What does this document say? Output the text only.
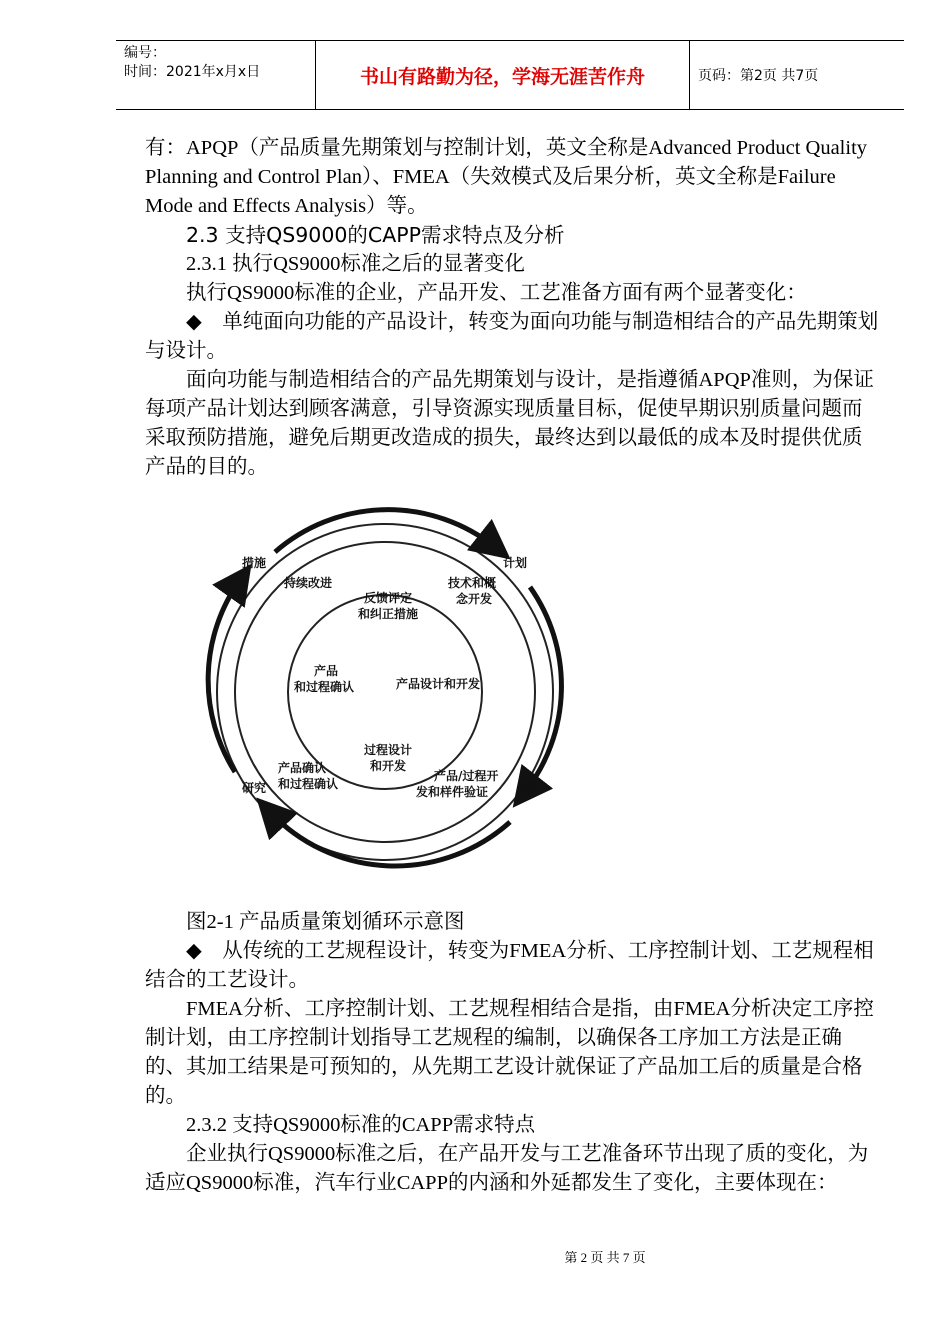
编号：
时间：2021年x月x日	书山有路勤为径，学海无涯苦作舟	页码：第2页 共7页

有：APQP（产品质量先期策划与控制计划，英文全称是Advanced Product Quality Planning and Control Plan）、FMEA（失效模式及后果分析，英文全称是Failure Mode and Effects Analysis）等。

2.3 支持QS9000的CAPP需求特点及分析

2.3.1 执行QS9000标准之后的显著变化

执行QS9000标准的企业，产品开发、工艺准备方面有两个显著变化：

◆　单纯面向功能的产品设计，转变为面向功能与制造相结合的产品先期策划与设计。

面向功能与制造相结合的产品先期策划与设计，是指遵循APQP准则，为保证每项产品计划达到顾客满意，引导资源实现质量目标，促使早期识别质量问题而采取预防措施，避免后期更改造成的损失，最终达到以最低的成本及时提供优质产品的目的。

措施	计划
研究	实施
持续改进	技术和概
念开发
产品确认
和过程确认
产品/过程开
发和样件验证
反馈评定
和纠正措施
产品
和过程确认	产品设计和开发
过程设计
和开发

图2-1 产品质量策划循环示意图

◆　从传统的工艺规程设计，转变为FMEA分析、工序控制计划、工艺规程相结合的工艺设计。

FMEA分析、工序控制计划、工艺规程相结合是指，由FMEA分析决定工序控制计划，由工序控制计划指导工艺规程的编制，以确保各工序加工方法是正确的、其加工结果是可预知的，从先期工艺设计就保证了产品加工后的质量是合格的。

2.3.2 支持QS9000标准的CAPP需求特点

企业执行QS9000标准之后，在产品开发与工艺准备环节出现了质的变化，为适应QS9000标准，汽车行业CAPP的内涵和外延都发生了变化，主要体现在：

第 2 页 共 7 页
